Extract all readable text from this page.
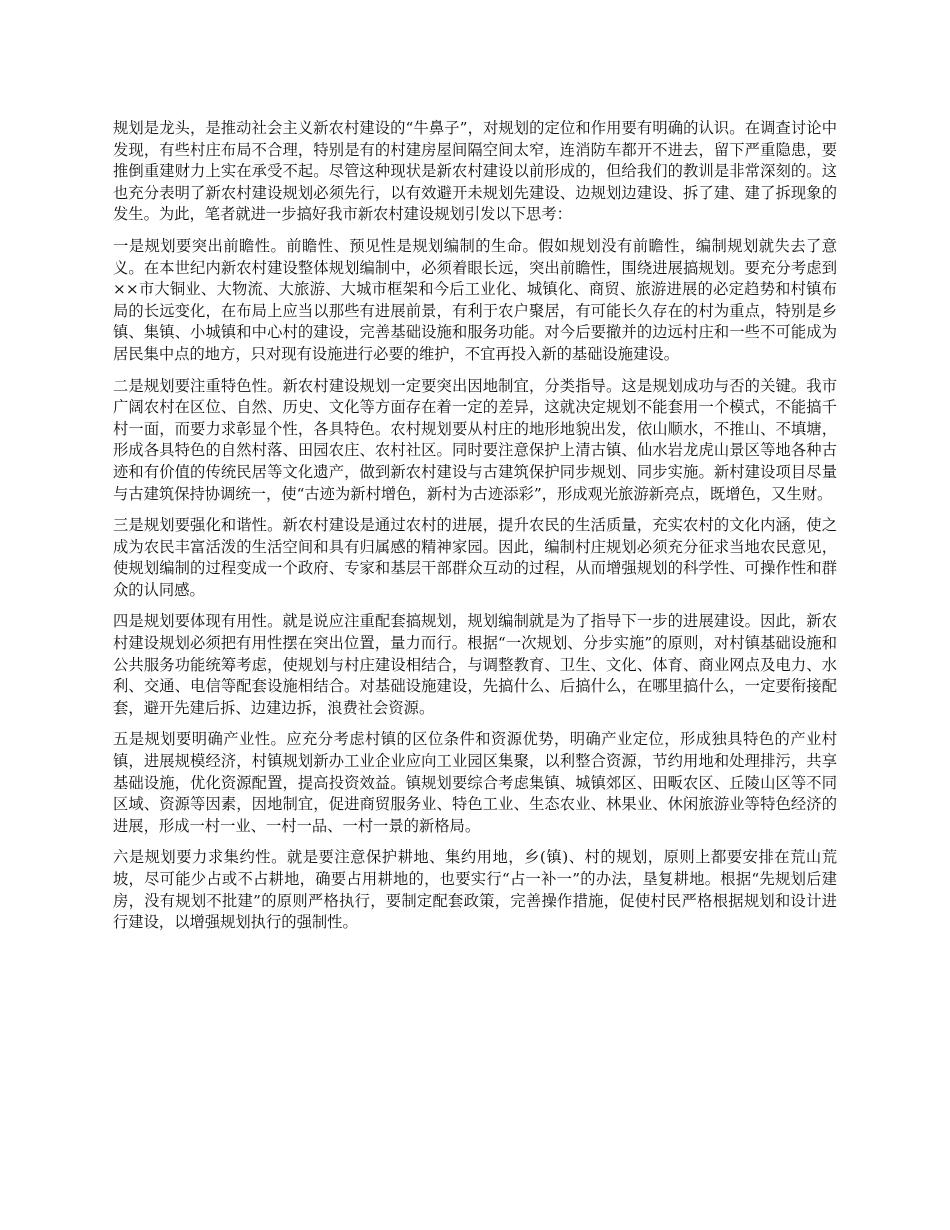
规划是龙头，是推动社会主义新农村建设的“牛鼻子”，对规划的定位和作用要有明确的认识。在调查讨论中发现，有些村庄布局不合理，特别是有的村建房屋间隔空间太窄，连消防车都开不进去，留下严重隐患，要推倒重建财力上实在承受不起。尽管这种现状是新农村建设以前形成的，但给我们的教训是非常深刻的。这也充分表明了新农村建设规划必须先行，以有效避开未规划先建设、边规划边建设、拆了建、建了拆现象的发生。为此，笔者就进一步搞好我市新农村建设规划引发以下思考：

一是规划要突出前瞻性。前瞻性、预见性是规划编制的生命。假如规划没有前瞻性，编制规划就失去了意义。在本世纪内新农村建设整体规划编制中，必须着眼长远，突出前瞻性，围绕进展搞规划。要充分考虑到××市大铜业、大物流、大旅游、大城市框架和今后工业化、城镇化、商贸、旅游进展的必定趋势和村镇布局的长远变化，在布局上应当以那些有进展前景，有利于农户聚居，有可能长久存在的村为重点，特别是乡镇、集镇、小城镇和中心村的建设，完善基础设施和服务功能。对今后要撤并的边远村庄和一些不可能成为居民集中点的地方，只对现有设施进行必要的维护，不宜再投入新的基础设施建设。

二是规划要注重特色性。新农村建设规划一定要突出因地制宜，分类指导。这是规划成功与否的关键。我市广阔农村在区位、自然、历史、文化等方面存在着一定的差异，这就决定规划不能套用一个模式，不能搞千村一面，而要力求彰显个性，各具特色。农村规划要从村庄的地形地貌出发，依山顺水，不推山、不填塘，形成各具特色的自然村落、田园农庄、农村社区。同时要注意保护上清古镇、仙水岩龙虎山景区等地各种古迹和有价值的传统民居等文化遗产，做到新农村建设与古建筑保护同步规划、同步实施。新村建设项目尽量与古建筑保持协调统一，使“古迹为新村增色，新村为古迹添彩”，形成观光旅游新亮点，既增色，又生财。

三是规划要强化和谐性。新农村建设是通过农村的进展，提升农民的生活质量，充实农村的文化内涵，使之成为农民丰富活泼的生活空间和具有归属感的精神家园。因此，编制村庄规划必须充分征求当地农民意见，使规划编制的过程变成一个政府、专家和基层干部群众互动的过程，从而增强规划的科学性、可操作性和群众的认同感。

四是规划要体现有用性。就是说应注重配套搞规划，规划编制就是为了指导下一步的进展建设。因此，新农村建设规划必须把有用性摆在突出位置，量力而行。根据“一次规划、分步实施”的原则，对村镇基础设施和公共服务功能统筹考虑，使规划与村庄建设相结合，与调整教育、卫生、文化、体育、商业网点及电力、水利、交通、电信等配套设施相结合。对基础设施建设，先搞什么、后搞什么，在哪里搞什么，一定要衔接配套，避开先建后拆、边建边拆，浪费社会资源。

五是规划要明确产业性。应充分考虑村镇的区位条件和资源优势，明确产业定位，形成独具特色的产业村镇，进展规模经济，村镇规划新办工业企业应向工业园区集聚，以利整合资源，节约用地和处理排污，共享基础设施，优化资源配置，提高投资效益。镇规划要综合考虑集镇、城镇郊区、田畈农区、丘陵山区等不同区域、资源等因素，因地制宜，促进商贸服务业、特色工业、生态农业、林果业、休闲旅游业等特色经济的进展，形成一村一业、一村一品、一村一景的新格局。

六是规划要力求集约性。就是要注意保护耕地、集约用地，乡(镇)、村的规划，原则上都要安排在荒山荒坡，尽可能少占或不占耕地，确要占用耕地的，也要实行“占一补一”的办法，垦复耕地。根据“先规划后建房，没有规划不批建”的原则严格执行，要制定配套政策，完善操作措施，促使村民严格根据规划和设计进行建设，以增强规划执行的强制性。
